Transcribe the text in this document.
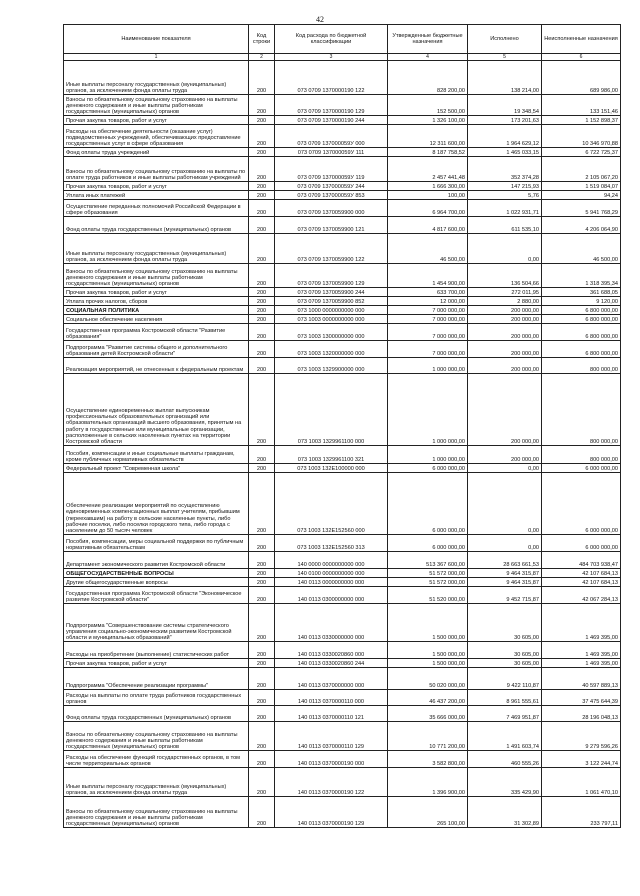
42
Наименование показателя	Код строки	Код расхода по бюджетной классификации	Утвержденные бюджетные назначения	Исполнено	Неисполненные назначения
1	2	3	4	5	6
Иные выплаты персоналу государственных (муниципальных) органов, за исключением фонда оплаты труда	200	073 0709 1370000190 122	828 200,00	138 214,00	689 986,00
Взносы по обязательному социальному страхованию на выплаты денежного содержания и иные выплаты работникам государственных (муниципальных) органов	200	073 0709 1370000190 129	152 500,00	19 348,54	133 151,46
Прочая закупка товаров, работ и услуг	200	073 0709 1370000190 244	1 326 100,00	173 201,63	1 152 898,37
Расходы на обеспечение деятельности (оказание услуг) подведомственных учреждений, обеспечивающих предоставление государственных услуг в сфере образования	200	073 0709 137000059У 000	12 311 600,00	1 964 629,12	10 346 970,88
Фонд оплаты труда учреждений	200	073 0709 137000059У 111	8 187 758,52	1 465 033,15	6 722 725,37
Взносы по обязательному социальному страхованию на выплаты по оплате труда работников и иные выплаты работникам учреждений	200	073 0709 137000059У 119	2 457 441,48	352 374,28	2 105 067,20
Прочая закупка товаров, работ и услуг	200	073 0709 137000059У 244	1 666 300,00	147 215,93	1 519 084,07
Уплата иных платежей	200	073 0709 137000059У 853	100,00	5,76	94,24
Осуществление переданных полномочий Российской Федерации в сфере образования	200	073 0709 1370059900 000	6 964 700,00	1 022 931,71	5 941 768,29
Фонд оплаты труда государственных (муниципальных) органов	200	073 0709 1370059900 121	4 817 600,00	611 535,10	4 206 064,90
Иные выплаты персоналу государственных (муниципальных) органов, за исключением фонда оплаты труда	200	073 0709 1370059900 122	46 500,00	0,00	46 500,00
Взносы по обязательному социальному страхованию на выплаты денежного содержания и иные выплаты работникам государственных (муниципальных) органов	200	073 0709 1370059900 129	1 454 900,00	136 504,66	1 318 395,34
Прочая закупка товаров, работ и услуг	200	073 0709 1370059900 244	633 700,00	272 011,95	361 688,05
Уплата прочих налогов, сборов	200	073 0709 1370059900 852	12 000,00	2 880,00	9 120,00
СОЦИАЛЬНАЯ ПОЛИТИКА	200	073 1000 0000000000 000	7 000 000,00	200 000,00	6 800 000,00
Социальное обеспечение населения	200	073 1003 0000000000 000	7 000 000,00	200 000,00	6 800 000,00
Государственная программа Костромской области "Развитие образования"	200	073 1003 1300000000 000	7 000 000,00	200 000,00	6 800 000,00
Подпрограмма "Развитие системы общего и дополнительного образования детей Костромской области"	200	073 1003 1320000000 000	7 000 000,00	200 000,00	6 800 000,00
Реализация мероприятий, не отнесенных к федеральным проектам	200	073 1003 1329900000 000	1 000 000,00	200 000,00	800 000,00
Осуществление единовременных выплат выпускникам профессиональных образовательных организаций или образовательных организаций высшего образования, принятым на работу в государственные или муниципальные организации, расположенные в сельских населенных пунктах на территории Костромской области	200	073 1003 1329961100 000	1 000 000,00	200 000,00	800 000,00
Пособия, компенсации и иные социальные выплаты гражданам, кроме публичных нормативных обязательств	200	073 1003 1329961100 321	1 000 000,00	200 000,00	800 000,00
Федеральный проект "Современная школа"	200	073 1003 132E100000 000	6 000 000,00	0,00	6 000 000,00
Обеспечение реализации мероприятий по осуществлению единовременных компенсационных выплат учителям, прибывшим (переехавшим) на работу в сельские населенные пункты, либо рабочие поселки, либо поселки городского типа, либо города с населением до 50 тысяч человек	200	073 1003 132E152560 000	6 000 000,00	0,00	6 000 000,00
Пособия, компенсации, меры социальной поддержки по публичным нормативным обязательствам	200	073 1003 132E152560 313	6 000 000,00	0,00	6 000 000,00
Департамент экономического развития Костромской области	200	140 0000 0000000000 000	513 367 600,00	28 663 661,53	484 703 938,47
ОБЩЕГОСУДАРСТВЕННЫЕ ВОПРОСЫ	200	140 0100 0000000000 000	51 572 000,00	9 464 315,87	42 107 684,13
Другие общегосударственные вопросы	200	140 0113 0000000000 000	51 572 000,00	9 464 315,87	42 107 684,13
Государственная программа Костромской области "Экономическое развитие Костромской области"	200	140 0113 0300000000 000	51 520 000,00	9 452 715,87	42 067 284,13
Подпрограмма "Совершенствование системы стратегического управления социально-экономическим развитием Костромской области и муниципальных образований"	200	140 0113 0330000000 000	1 500 000,00	30 605,00	1 469 395,00
Расходы на приобретение (выполнение) статистических работ	200	140 0113 0330020860 000	1 500 000,00	30 605,00	1 469 395,00
Прочая закупка товаров, работ и услуг	200	140 0113 0330020860 244	1 500 000,00	30 605,00	1 469 395,00
Подпрограмма "Обеспечение реализации программы"	200	140 0113 0370000000 000	50 020 000,00	9 422 110,87	40 597 889,13
Расходы на выплаты по оплате труда работников государственных органов	200	140 0113 0370000110 000	46 437 200,00	8 961 555,61	37 475 644,39
Фонд оплаты труда государственных (муниципальных) органов	200	140 0113 0370000110 121	35 666 000,00	7 469 951,87	28 196 048,13
Взносы по обязательному социальному страхованию на выплаты денежного содержания и иные выплаты работникам государственных (муниципальных) органов	200	140 0113 0370000110 129	10 771 200,00	1 491 603,74	9 279 596,26
Расходы на обеспечение функций государственных органов, в том числе территориальных органов	200	140 0113 0370000190 000	3 582 800,00	460 555,26	3 122 244,74
Иные выплаты персоналу государственных (муниципальных) органов, за исключением фонда оплаты труда	200	140 0113 0370000190 122	1 396 900,00	335 429,90	1 061 470,10
Взносы по обязательному социальному страхованию на выплаты денежного содержания и иные выплаты работникам государственных (муниципальных) органов	200	140 0113 0370000190 129	265 100,00	31 302,89	233 797,11
